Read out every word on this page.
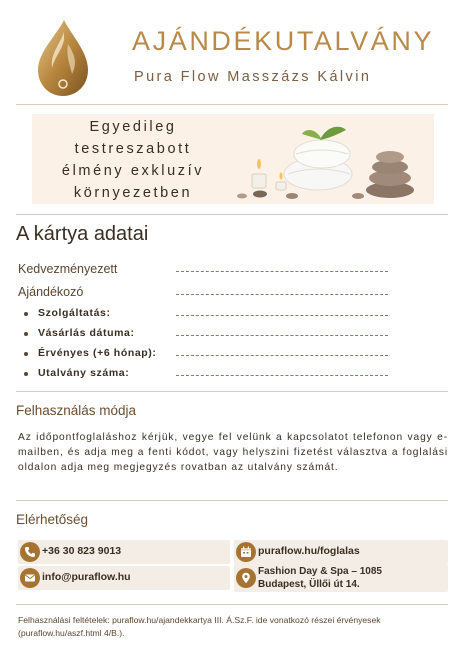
AJÁNDÉKUTALVÁNY
Pura Flow Masszázs Kálvin
Egyedileg
testreszabott
élmény exkluzív
környezetben
A kártya adatai
Kedvezményezett
Ajándékozó
Szolgáltatás:
Vásárlás dátuma:
Érvényes (+6 hónap):
Utalvány száma:
Felhasználás módja
Az időpontfoglaláshoz kérjük, vegye fel velünk a kapcsolatot telefonon vagy e-mailben, és adja meg a fenti kódot, vagy helyszini fizetést választva a foglalási oldalon adja meg megjegyzés rovatban az utalvány számát.
Elérhetőség
+36 30 823 9013	puraflow.hu/foglalas
info@puraflow.hu	Fashion Day & Spa – 1085
Budapest, Üllői út 14.
Felhasználási feltételek: puraflow.hu/ajandekkartya III. Á.Sz.F. ide vonatkozó részei érvényesek (puraflow.hu/aszf.html 4/B.).
